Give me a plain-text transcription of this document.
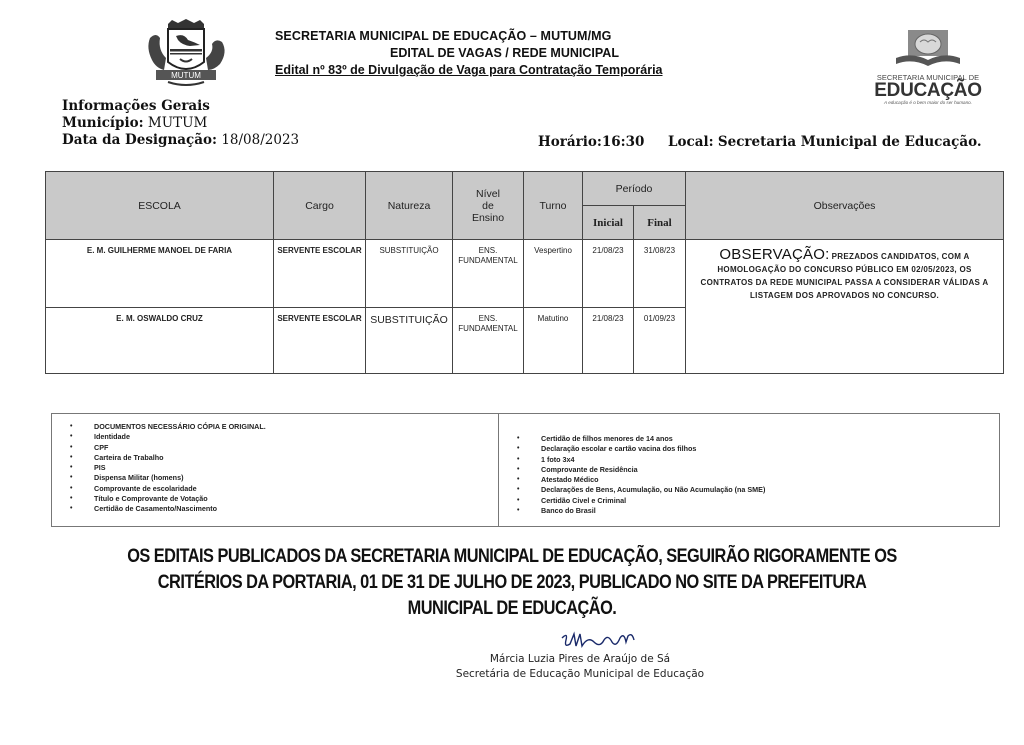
MUTUM
SECRETARIA MUNICIPAL DE EDUCAÇÃO – MUTUM/MG
EDITAL DE VAGAS / REDE MUNICIPAL
Edital nº 83º de Divulgação de Vaga para Contratação Temporária
SECRETARIA MUNICIPAL DE
EDUCAÇÃO
A educação é o bem maior do ser humano.
Informações Gerais
Município: MUTUM
Data da Designação: 18/08/2023	Horário:16:30 Local: Secretaria Municipal de Educação.
ESCOLA	Cargo	Natureza	Nível
de
Ensino	Turno	Período		Observações
					Inicial	Final	
E. M. GUILHERME MANOEL DE FARIA	SERVENTE ESCOLAR	SUBSTITUIÇÃO	ENS.
FUNDAMENTAL	Vespertino	21/08/23	31/08/23	OBSERVAÇÃO: PREZADOS CANDIDATOS, COM A HOMOLOGAÇÃO DO CONCURSO PÚBLICO EM 02/05/2023, OS CONTRATOS DA REDE MUNICIPAL PASSA A CONSIDERAR VÁLIDAS A LISTAGEM DOS APROVADOS NO CONCURSO.
E. M. OSWALDO CRUZ	SERVENTE ESCOLAR	SUBSTITUIÇÃO	ENS.
FUNDAMENTAL	Matutino	21/08/23	01/09/23	
•	DOCUMENTOS NECESSÁRIO CÓPIA E ORIGINAL.
•	Identidade
•	CPF
•	Carteira de Trabalho
•	PIS
•	Dispensa Militar (homens)
•	Comprovante de escolaridade
•	Título e Comprovante de Votação
•	Certidão de Casamento/Nascimento
•	Certidão de filhos menores de 14 anos
•	Declaração escolar e cartão vacina dos filhos
•	1 foto 3x4
•	Comprovante de Residência
•	Atestado Médico
•	Declarações de Bens, Acumulação, ou Não Acumulação (na SME)
•	Certidão Civel e Criminal
•	Banco do Brasil
OS EDITAIS PUBLICADOS DA SECRETARIA MUNICIPAL DE EDUCAÇÃO, SEGUIRÃO RIGORAMENTE OS
CRITÉRIOS DA PORTARIA, 01 DE 31 DE JULHO DE 2023, PUBLICADO NO SITE DA PREFEITURA
MUNICIPAL DE EDUCAÇÃO.
Márcia Luzia Pires de Araújo de Sá
Secretária de Educação Municipal de Educação
